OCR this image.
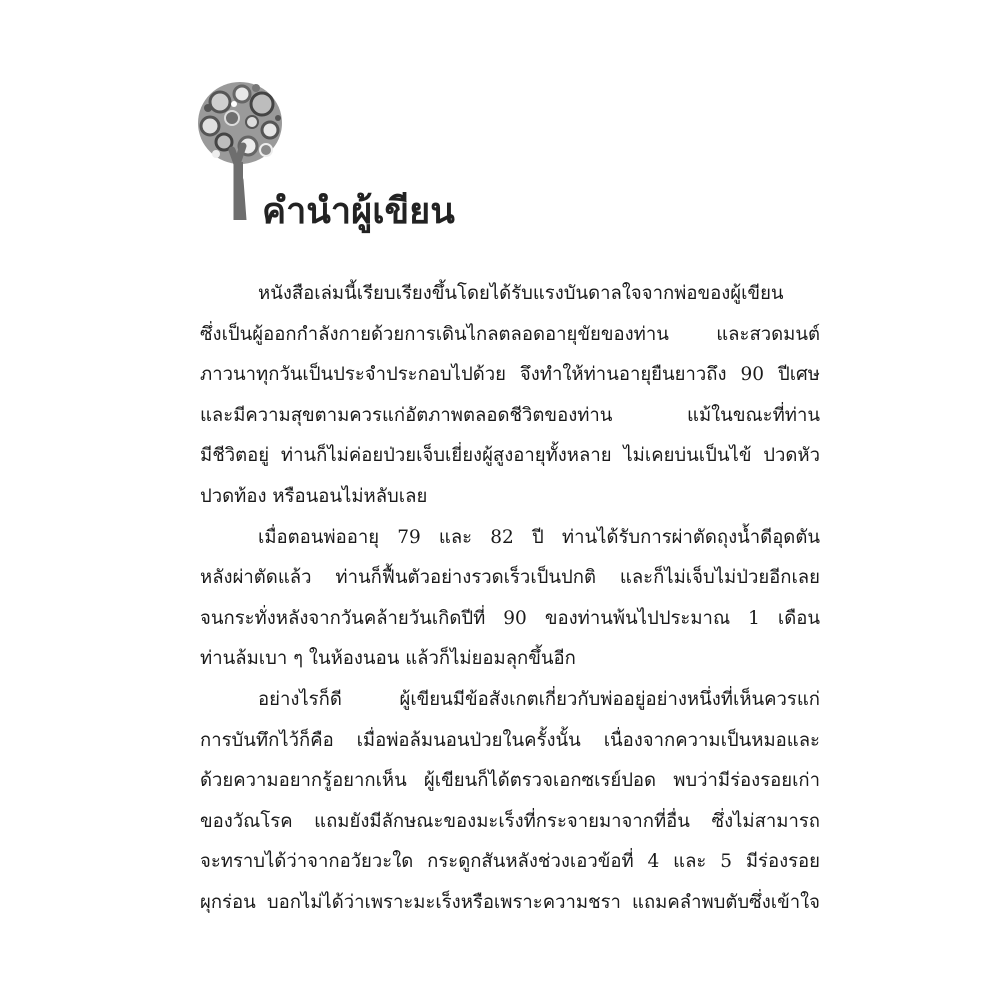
คำนำผู้เขียน
หนังสือเล่มนี้เรียบเรียงขึ้นโดยได้รับแรงบันดาลใจจากพ่อของผู้เขียน
ซึ่งเป็นผู้ออกกำลังกายด้วยการเดินไกลตลอดอายุขัยของท่าน และสวดมนต์
ภาวนาทุกวันเป็นประจำประกอบไปด้วย จึงทำให้ท่านอายุยืนยาวถึง 90 ปีเศษ
และมีความสุขตามควรแก่อัตภาพตลอดชีวิตของท่าน แม้ในขณะที่ท่าน
มีชีวิตอยู่ ท่านก็ไม่ค่อยป่วยเจ็บเยี่ยงผู้สูงอายุทั้งหลาย ไม่เคยบ่นเป็นไข้ ปวดหัว
ปวดท้อง หรือนอนไม่หลับเลย
เมื่อตอนพ่ออายุ 79 และ 82 ปี ท่านได้รับการผ่าตัดถุงน้ำดีอุดตัน
หลังผ่าตัดแล้ว ท่านก็ฟื้นตัวอย่างรวดเร็วเป็นปกติ และก็ไม่เจ็บไม่ป่วยอีกเลย
จนกระทั่งหลังจากวันคล้ายวันเกิดปีที่ 90 ของท่านพ้นไปประมาณ 1 เดือน
ท่านล้มเบา ๆ ในห้องนอน แล้วก็ไม่ยอมลุกขึ้นอีก
อย่างไรก็ดี ผู้เขียนมีข้อสังเกตเกี่ยวกับพ่ออยู่อย่างหนึ่งที่เห็นควรแก่
การบันทึกไว้ก็คือ เมื่อพ่อล้มนอนป่วยในครั้งนั้น เนื่องจากความเป็นหมอและ
ด้วยความอยากรู้อยากเห็น ผู้เขียนก็ได้ตรวจเอกซเรย์ปอด พบว่ามีร่องรอยเก่า
ของวัณโรค แถมยังมีลักษณะของมะเร็งที่กระจายมาจากที่อื่น ซึ่งไม่สามารถ
จะทราบได้ว่าจากอวัยวะใด กระดูกสันหลังช่วงเอวข้อที่ 4 และ 5 มีร่องรอย
ผุกร่อน บอกไม่ได้ว่าเพราะมะเร็งหรือเพราะความชรา แถมคลำพบตับซึ่งเข้าใจ
